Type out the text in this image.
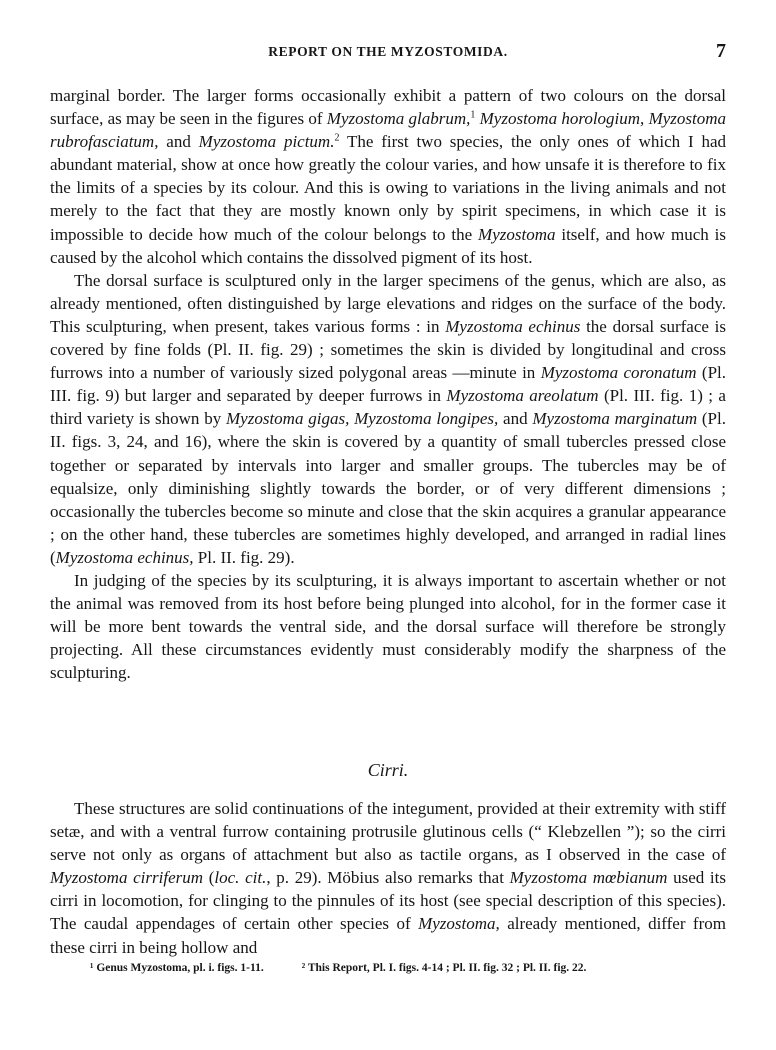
REPORT ON THE MYZOSTOMIDA.	7

marginal border. The larger forms occasionally exhibit a pattern of two colours on the dorsal surface, as may be seen in the figures of Myzostoma glabrum,$^1$ Myzostoma horologium, Myzostoma rubrofasciatum, and Myzostoma pictum.$^2$ The first two species, the only ones of which I had abundant material, show at once how greatly the colour varies, and how unsafe it is therefore to fix the limits of a species by its colour. And this is owing to variations in the living animals and not merely to the fact that they are mostly known only by spirit specimens, in which case it is impossible to decide how much of the colour belongs to the Myzostoma itself, and how much is caused by the alcohol which contains the dissolved pigment of its host.

The dorsal surface is sculptured only in the larger specimens of the genus, which are also, as already mentioned, often distinguished by large elevations and ridges on the surface of the body. This sculpturing, when present, takes various forms : in Myzostoma echinus the dorsal surface is covered by fine folds (Pl. II. fig. 29) ; sometimes the skin is divided by longitudinal and cross furrows into a number of variously sized polygonal areas —minute in Myzostoma coronatum (Pl. III. fig. 9) but larger and separated by deeper furrows in Myzostoma areolatum (Pl. III. fig. 1) ; a third variety is shown by Myzostoma gigas, Myzostoma longipes, and Myzostoma marginatum (Pl. II. figs. 3, 24, and 16), where the skin is covered by a quantity of small tubercles pressed close together or separated by intervals into larger and smaller groups. The tubercles may be of equalsize, only diminishing slightly towards the border, or of very different dimensions ; occasionally the tubercles become so minute and close that the skin acquires a granular appearance ; on the other hand, these tubercles are sometimes highly developed, and arranged in radial lines (Myzostoma echinus, Pl. II. fig. 29).

In judging of the species by its sculpturing, it is always important to ascertain whether or not the animal was removed from its host before being plunged into alcohol, for in the former case it will be more bent towards the ventral side, and the dorsal surface will therefore be strongly projecting. All these circumstances evidently must considerably modify the sharpness of the sculpturing.

Cirri.

These structures are solid continuations of the integument, provided at their extremity with stiff setæ, and with a ventral furrow containing protrusile glutinous cells (“ Klebzellen ”); so the cirri serve not only as organs of attachment but also as tactile organs, as I observed in the case of Myzostoma cirriferum (loc. cit., p. 29). Möbius also remarks that Myzostoma mœbianum used its cirri in locomotion, for clinging to the pinnules of its host (see special description of this species). The caudal appendages of certain other species of Myzostoma, already mentioned, differ from these cirri in being hollow and

¹ Genus Myzostoma, pl. i. figs. 1-11.	² This Report, Pl. I. figs. 4-14 ; Pl. II. fig. 32 ; Pl. II. fig. 22.
